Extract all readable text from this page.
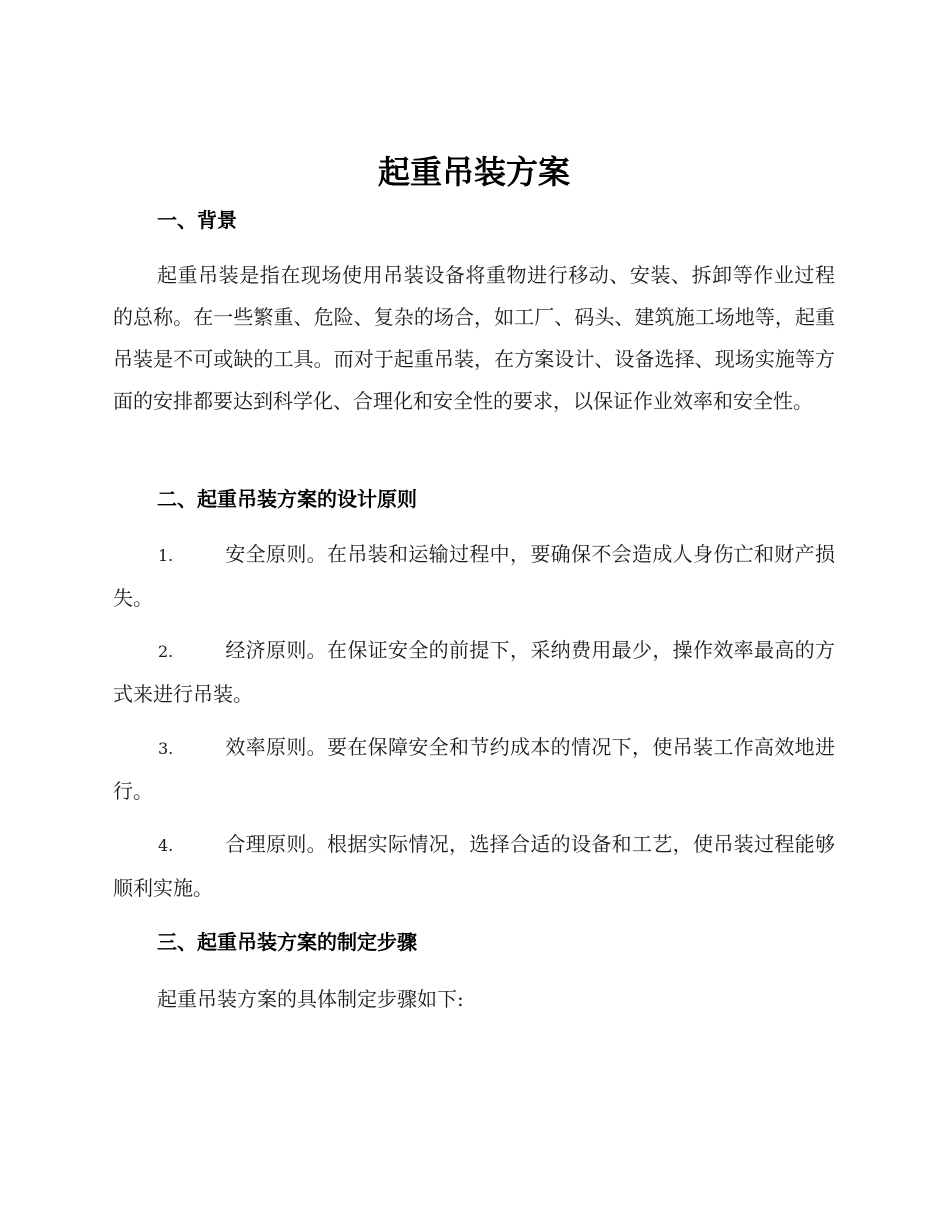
起重吊装方案
一、背景
起重吊装是指在现场使用吊装设备将重物进行移动、安装、拆卸等作业过程的总称。在一些繁重、危险、复杂的场合，如工厂、码头、建筑施工场地等，起重吊装是不可或缺的工具。而对于起重吊装，在方案设计、设备选择、现场实施等方面的安排都要达到科学化、合理化和安全性的要求，以保证作业效率和安全性。
二、起重吊装方案的设计原则
1.	安全原则。在吊装和运输过程中，要确保不会造成人身伤亡和财产损失。
2.	经济原则。在保证安全的前提下，采纳费用最少，操作效率最高的方式来进行吊装。
3.	效率原则。要在保障安全和节约成本的情况下，使吊装工作高效地进行。
4.	合理原则。根据实际情况，选择合适的设备和工艺，使吊装过程能够顺利实施。
三、起重吊装方案的制定步骤
起重吊装方案的具体制定步骤如下:
